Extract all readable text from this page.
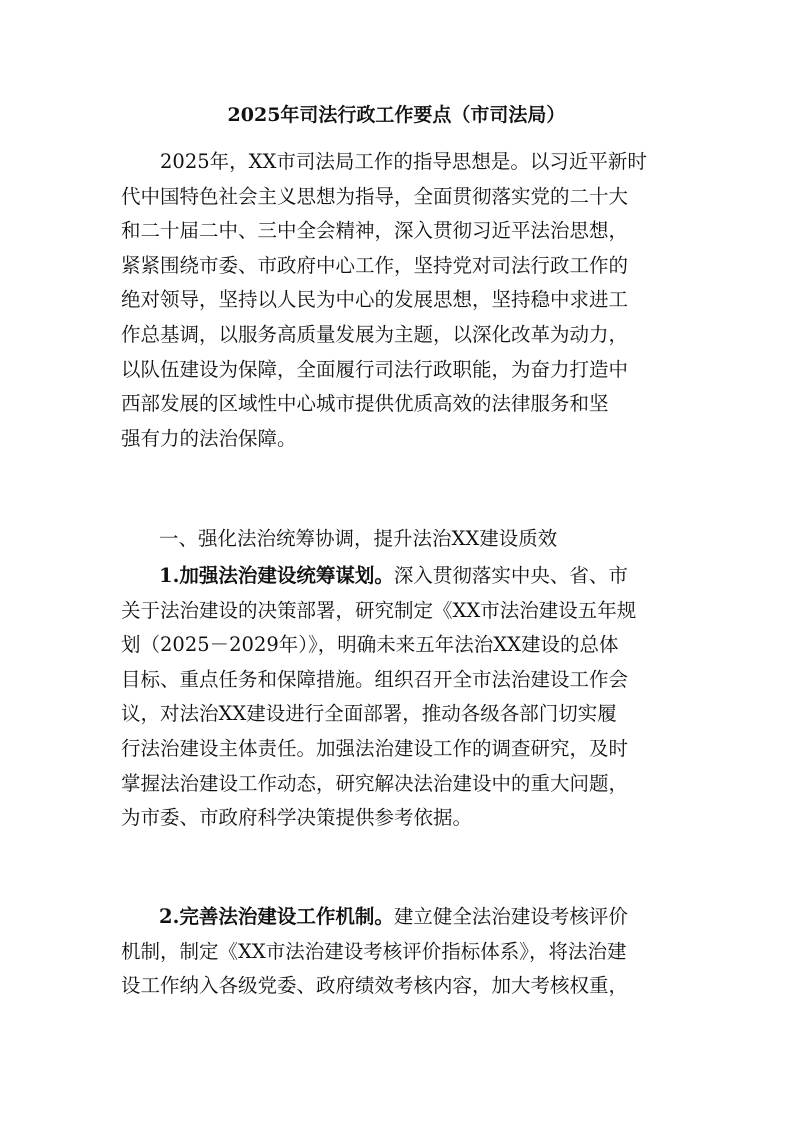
2025年司法行政工作要点（市司法局）
　　2025年，XX市司法局工作的指导思想是。以习近平新时
代中国特色社会主义思想为指导，全面贯彻落实党的二十大
和二十届二中、三中全会精神，深入贯彻习近平法治思想，
紧紧围绕市委、市政府中心工作，坚持党对司法行政工作的
绝对领导，坚持以人民为中心的发展思想，坚持稳中求进工
作总基调，以服务高质量发展为主题，以深化改革为动力，
以队伍建设为保障，全面履行司法行政职能，为奋力打造中
西部发展的区域性中心城市提供优质高效的法律服务和坚
强有力的法治保障。
一、强化法治统筹协调，提升法治XX建设质效
1.加强法治建设统筹谋划。深入贯彻落实中央、省、市
关于法治建设的决策部署，研究制定《XX市法治建设五年规
划（2025－2029年）》，明确未来五年法治XX建设的总体
目标、重点任务和保障措施。组织召开全市法治建设工作会
议，对法治XX建设进行全面部署，推动各级各部门切实履
行法治建设主体责任。加强法治建设工作的调查研究，及时
掌握法治建设工作动态，研究解决法治建设中的重大问题，
为市委、市政府科学决策提供参考依据。
2.完善法治建设工作机制。建立健全法治建设考核评价
机制，制定《XX市法治建设考核评价指标体系》，将法治建
设工作纳入各级党委、政府绩效考核内容，加大考核权重，
